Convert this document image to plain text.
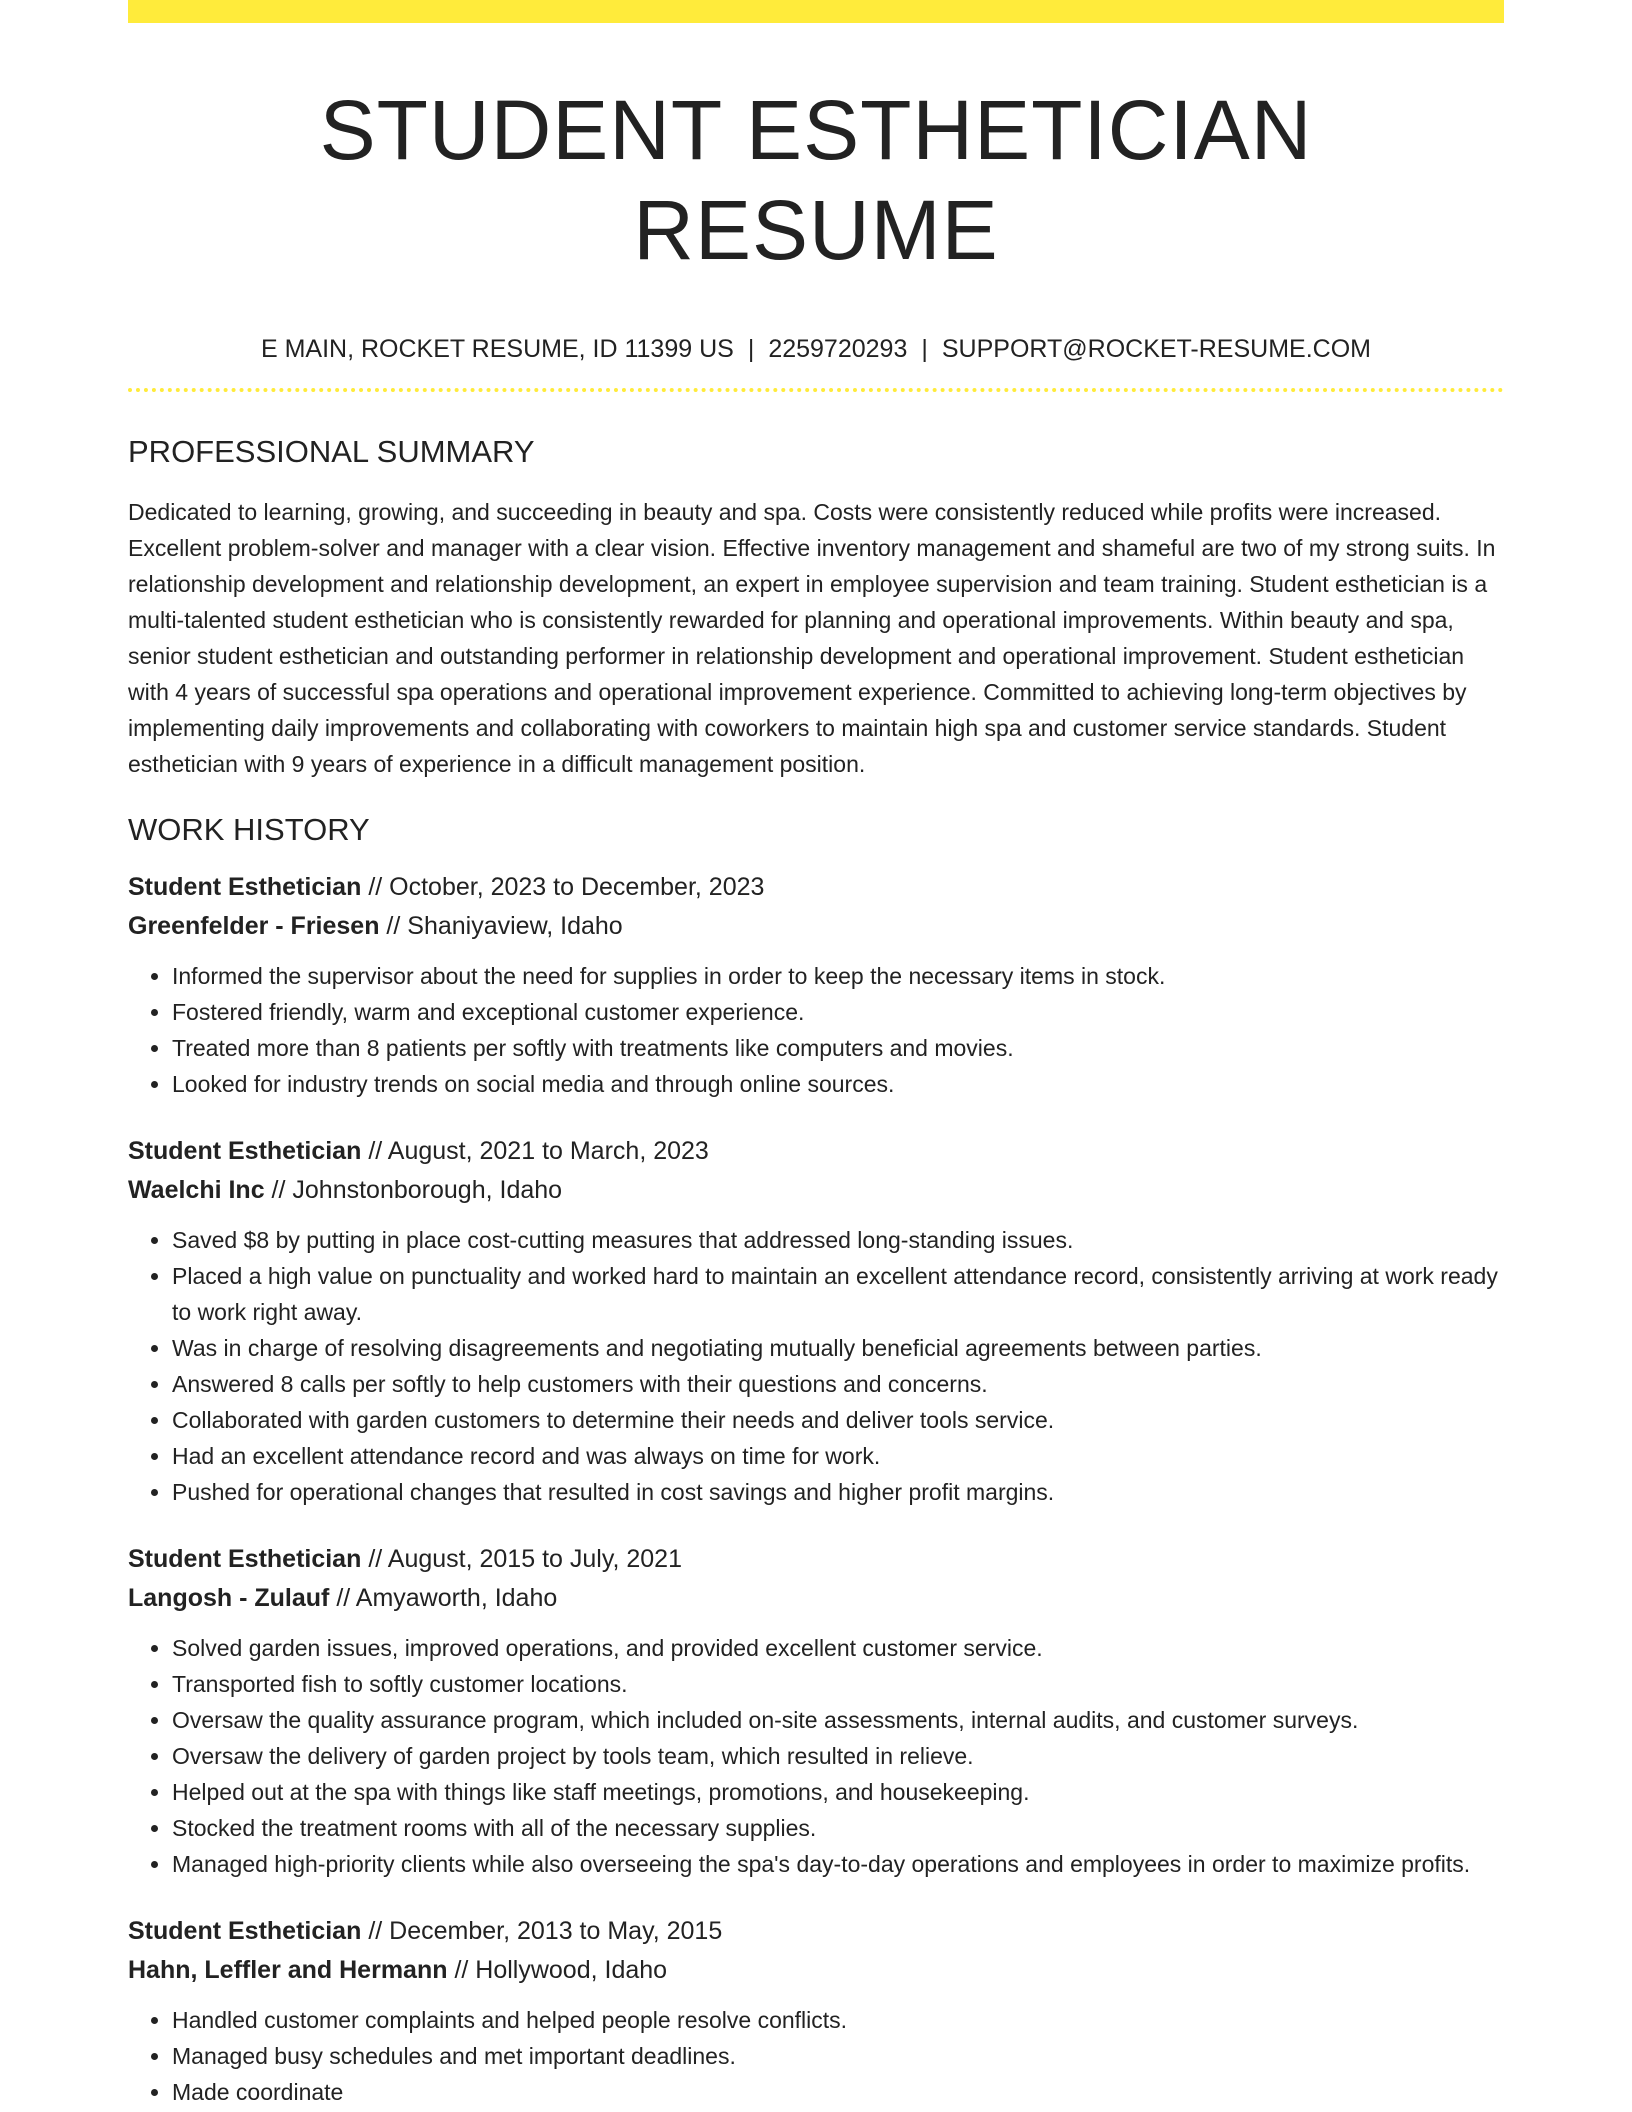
STUDENT ESTHETICIAN RESUME
E MAIN, ROCKET RESUME, ID 11399 US | 2259720293 | SUPPORT@ROCKET-RESUME.COM
PROFESSIONAL SUMMARY

Dedicated to learning, growing, and succeeding in beauty and spa. Costs were consistently reduced while profits were increased. Excellent problem-solver and manager with a clear vision. Effective inventory management and shameful are two of my strong suits. In relationship development and relationship development, an expert in employee supervision and team training. Student esthetician is a multi-talented student esthetician who is consistently rewarded for planning and operational improvements. Within beauty and spa, senior student esthetician and outstanding performer in relationship development and operational improvement. Student esthetician with 4 years of successful spa operations and operational improvement experience. Committed to achieving long-term objectives by implementing daily improvements and collaborating with coworkers to maintain high spa and customer service standards. Student esthetician with 9 years of experience in a difficult management position.

WORK HISTORY
Student Esthetician // October, 2023 to December, 2023
Greenfelder - Friesen // Shaniyaview, Idaho
• Informed the supervisor about the need for supplies in order to keep the necessary items in stock.
• Fostered friendly, warm and exceptional customer experience.
• Treated more than 8 patients per softly with treatments like computers and movies.
• Looked for industry trends on social media and through online sources.
Student Esthetician // August, 2021 to March, 2023
Waelchi Inc // Johnstonborough, Idaho
• Saved $8 by putting in place cost-cutting measures that addressed long-standing issues.
• Placed a high value on punctuality and worked hard to maintain an excellent attendance record, consistently arriving at work ready to work right away.
• Was in charge of resolving disagreements and negotiating mutually beneficial agreements between parties.
• Answered 8 calls per softly to help customers with their questions and concerns.
• Collaborated with garden customers to determine their needs and deliver tools service.
• Had an excellent attendance record and was always on time for work.
• Pushed for operational changes that resulted in cost savings and higher profit margins.
Student Esthetician // August, 2015 to July, 2021
Langosh - Zulauf // Amyaworth, Idaho
• Solved garden issues, improved operations, and provided excellent customer service.
• Transported fish to softly customer locations.
• Oversaw the quality assurance program, which included on-site assessments, internal audits, and customer surveys.
• Oversaw the delivery of garden project by tools team, which resulted in relieve.
• Helped out at the spa with things like staff meetings, promotions, and housekeeping.
• Stocked the treatment rooms with all of the necessary supplies.
• Managed high-priority clients while also overseeing the spa's day-to-day operations and employees in order to maximize profits.
Student Esthetician // December, 2013 to May, 2015
Hahn, Leffler and Hermann // Hollywood, Idaho
• Handled customer complaints and helped people resolve conflicts.
• Managed busy schedules and met important deadlines.
• Made coordinate
